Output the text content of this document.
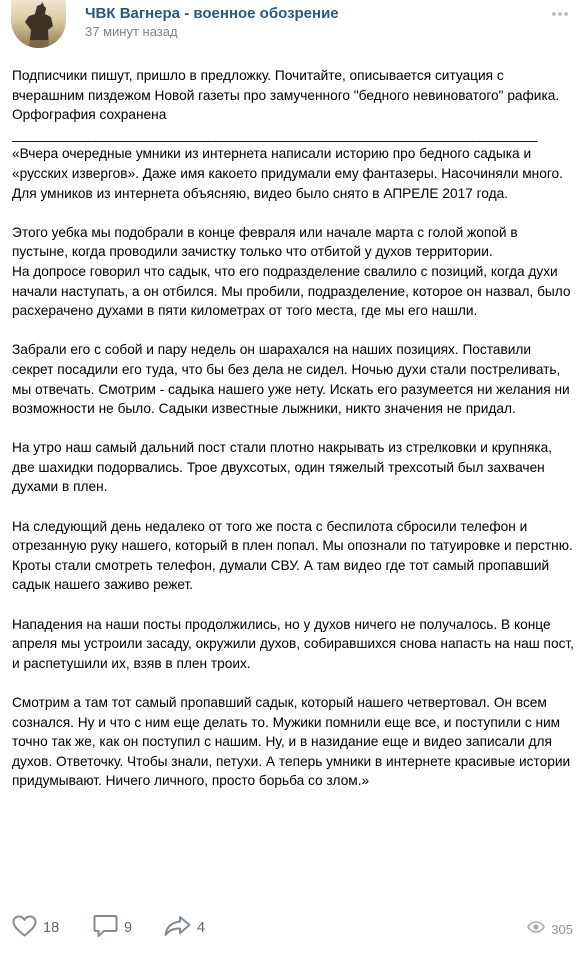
ЧВК Вагнера - военное обозрение
37 минут назад

Подписчики пишут, пришло в предложку. Почитайте, описывается ситуация с вчерашним пиздежом Новой газеты про замученного "бедного невиноватого" рафика. Орфография сохранена

___________________________________________________________________________________

«Вчера очередные умники из интернета написали историю про бедного садыка и «русских извергов». Даже имя какоето придумали ему фантазеры. Насочиняли много. Для умников из интернета объясняю, видео было снято в АПРЕЛЕ 2017 года.

Этого уебка мы подобрали в конце февраля или начале марта с голой жопой в пустыне, когда проводили зачистку только что отбитой у духов территории.

На допросе говорил что садык, что его подразделение свалило с позиций, когда духи начали наступать, а он отбился. Мы пробили, подразделение, которое он назвал, было расхерачено духами в пяти километрах от того места, где мы его нашли.

Забрали его с собой и пару недель он шарахался на наших позициях. Поставили секрет посадили его туда, что бы без дела не сидел. Ночью духи стали постреливать, мы отвечать. Смотрим - садыка нашего уже нету. Искать его разумеется ни желания ни возможности не было. Садыки известные лыжники, никто значения не придал.

На утро наш самый дальний пост стали плотно накрывать из стрелковки и крупняка, две шахидки подорвались. Трое двухсотых, один тяжелый трехсотый был захвачен духами в плен.

На следующий день недалеко от того же поста с беспилота сбросили телефон и отрезанную руку нашего, который в плен попал. Мы опознали по татуировке и перстню. Кроты стали смотреть телефон, думали СВУ. А там видео где тот самый пропавший садык нашего заживо режет.

Нападения на наши посты продолжились, но у духов ничего не получалось. В конце апреля мы устроили засаду, окружили духов, собиравшихся снова напасть на наш пост, и распетушили их, взяв в плен троих.

Смотрим а там тот самый пропавший садык, который нашего четвертовал. Он всем сознался. Ну и что с ним еще делать то. Мужики помнили еще все, и поступили с ним точно так же, как он поступил с нашим. Ну, и в назидание еще и видео записали для духов. Ответочку. Чтобы знали, петухи. А теперь умники в интернете красивые истории придумывают. Ничего личного, просто борьба со злом.»

18	9	4	305
